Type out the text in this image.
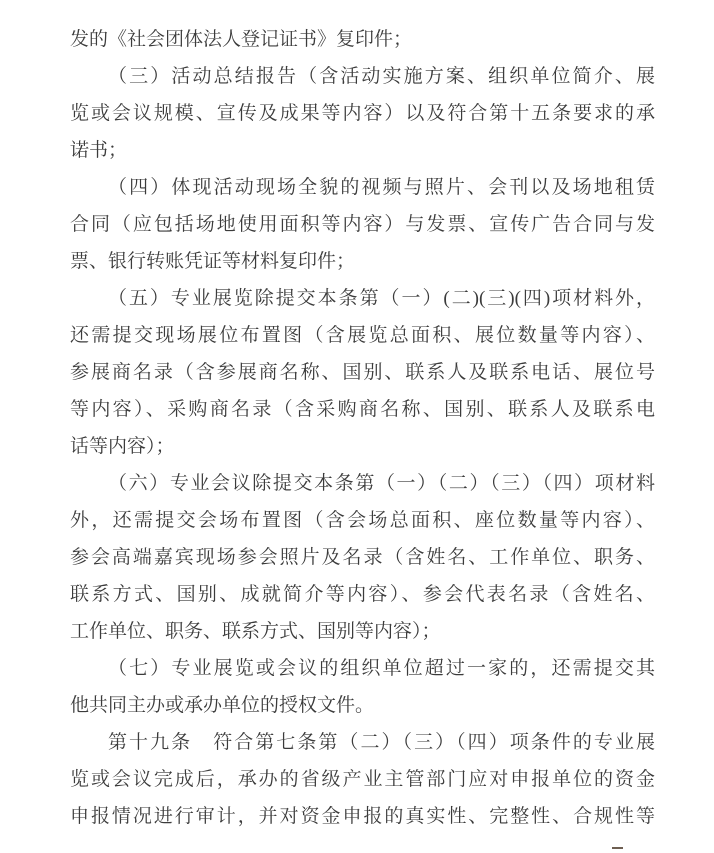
发的《社会团体法人登记证书》复印件；
（三）活动总结报告（含活动实施方案、组织单位简介、展
览或会议规模、宣传及成果等内容）以及符合第十五条要求的承
诺书；
（四）体现活动现场全貌的视频与照片、会刊以及场地租赁
合同（应包括场地使用面积等内容）与发票、宣传广告合同与发
票、银行转账凭证等材料复印件；
（五）专业展览除提交本条第（一）(二)(三)(四)项材料外，
还需提交现场展位布置图（含展览总面积、展位数量等内容）、
参展商名录（含参展商名称、国别、联系人及联系电话、展位号
等内容）、采购商名录（含采购商名称、国别、联系人及联系电
话等内容）；
（六）专业会议除提交本条第（一）（二）（三）（四）项材料
外，还需提交会场布置图（含会场总面积、座位数量等内容）、
参会高端嘉宾现场参会照片及名录（含姓名、工作单位、职务、
联系方式、国别、成就简介等内容）、参会代表名录（含姓名、
工作单位、职务、联系方式、国别等内容）；
（七）专业展览或会议的组织单位超过一家的，还需提交其
他共同主办或承办单位的授权文件。
第十九条　符合第七条第（二）（三）（四）项条件的专业展
览或会议完成后，承办的省级产业主管部门应对申报单位的资金
申报情况进行审计，并对资金申报的真实性、完整性、合规性等
